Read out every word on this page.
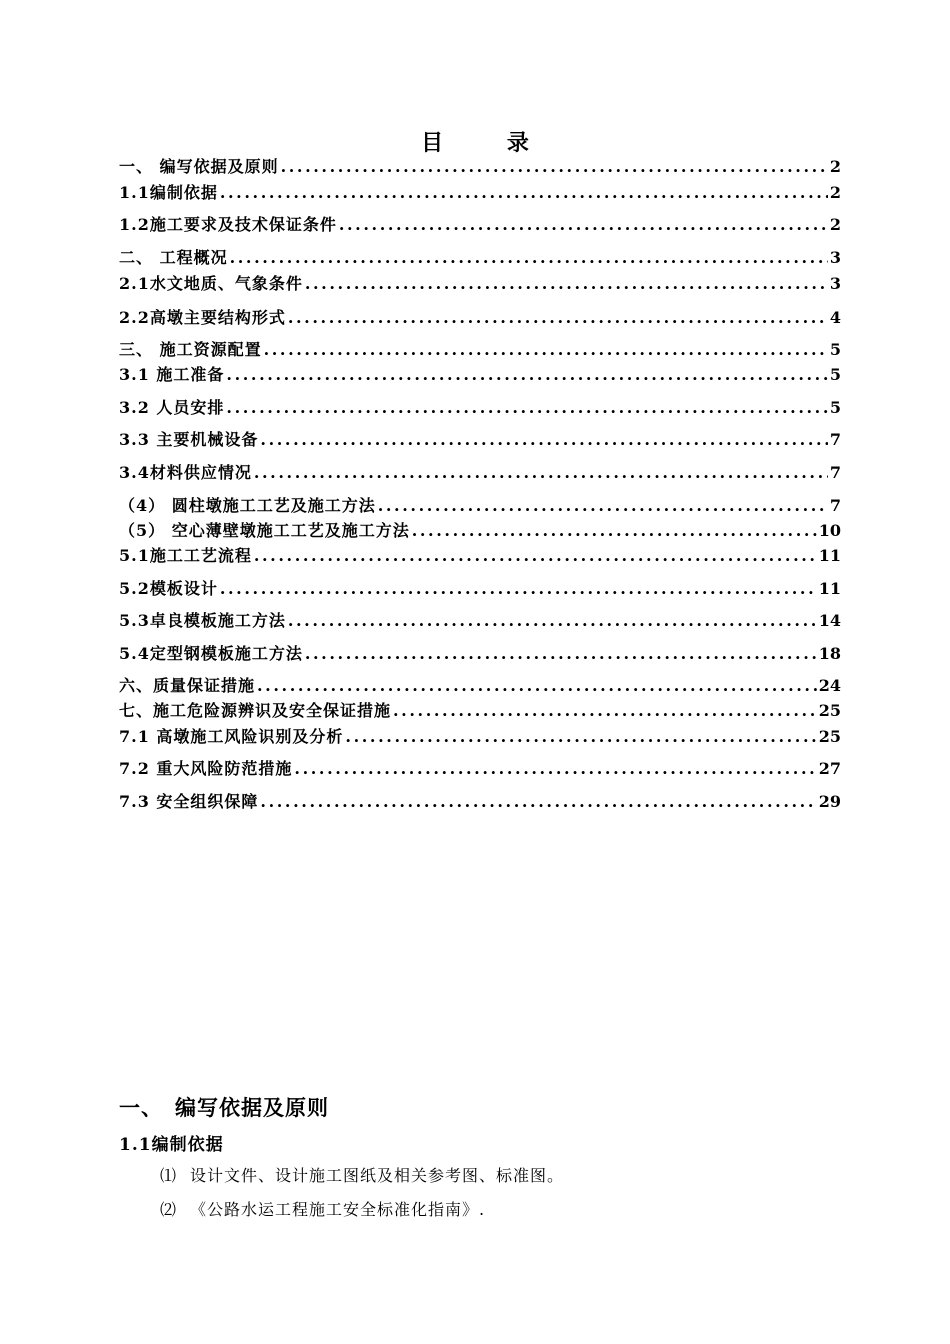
目 录
一、 编写依据及原则 .....	2
1.1编制依据 .....	2
1.2施工要求及技术保证条件 .....	2
二、 工程概况 .....	3
2.1水文地质、气象条件 .....	3
2.2高墩主要结构形式 .....	4
三、 施工资源配置 .....	5
3.1 施工准备 .....	5
3.2 人员安排 .....	5
3.3 主要机械设备 .....	7
3.4材料供应情况 .....	7
（4） 圆柱墩施工工艺及施工方法 .....	7
（5） 空心薄壁墩施工工艺及施工方法 .....	10
5.1施工工艺流程 .....	11
5.2模板设计 .....	11
5.3卓良模板施工方法 .....	14
5.4定型钢模板施工方法 .....	18
六、质量保证措施 .....	24
七、施工危险源辨识及安全保证措施 .....	25
7.1 高墩施工风险识别及分析 .....	25
7.2 重大风险防范措施 .....	27
7.3 安全组织保障 .....	29
一、 编写依据及原则
1.1编制依据
⑴ 设计文件、设计施工图纸及相关参考图、标准图。
⑵ 《公路水运工程施工安全标准化指南》.
